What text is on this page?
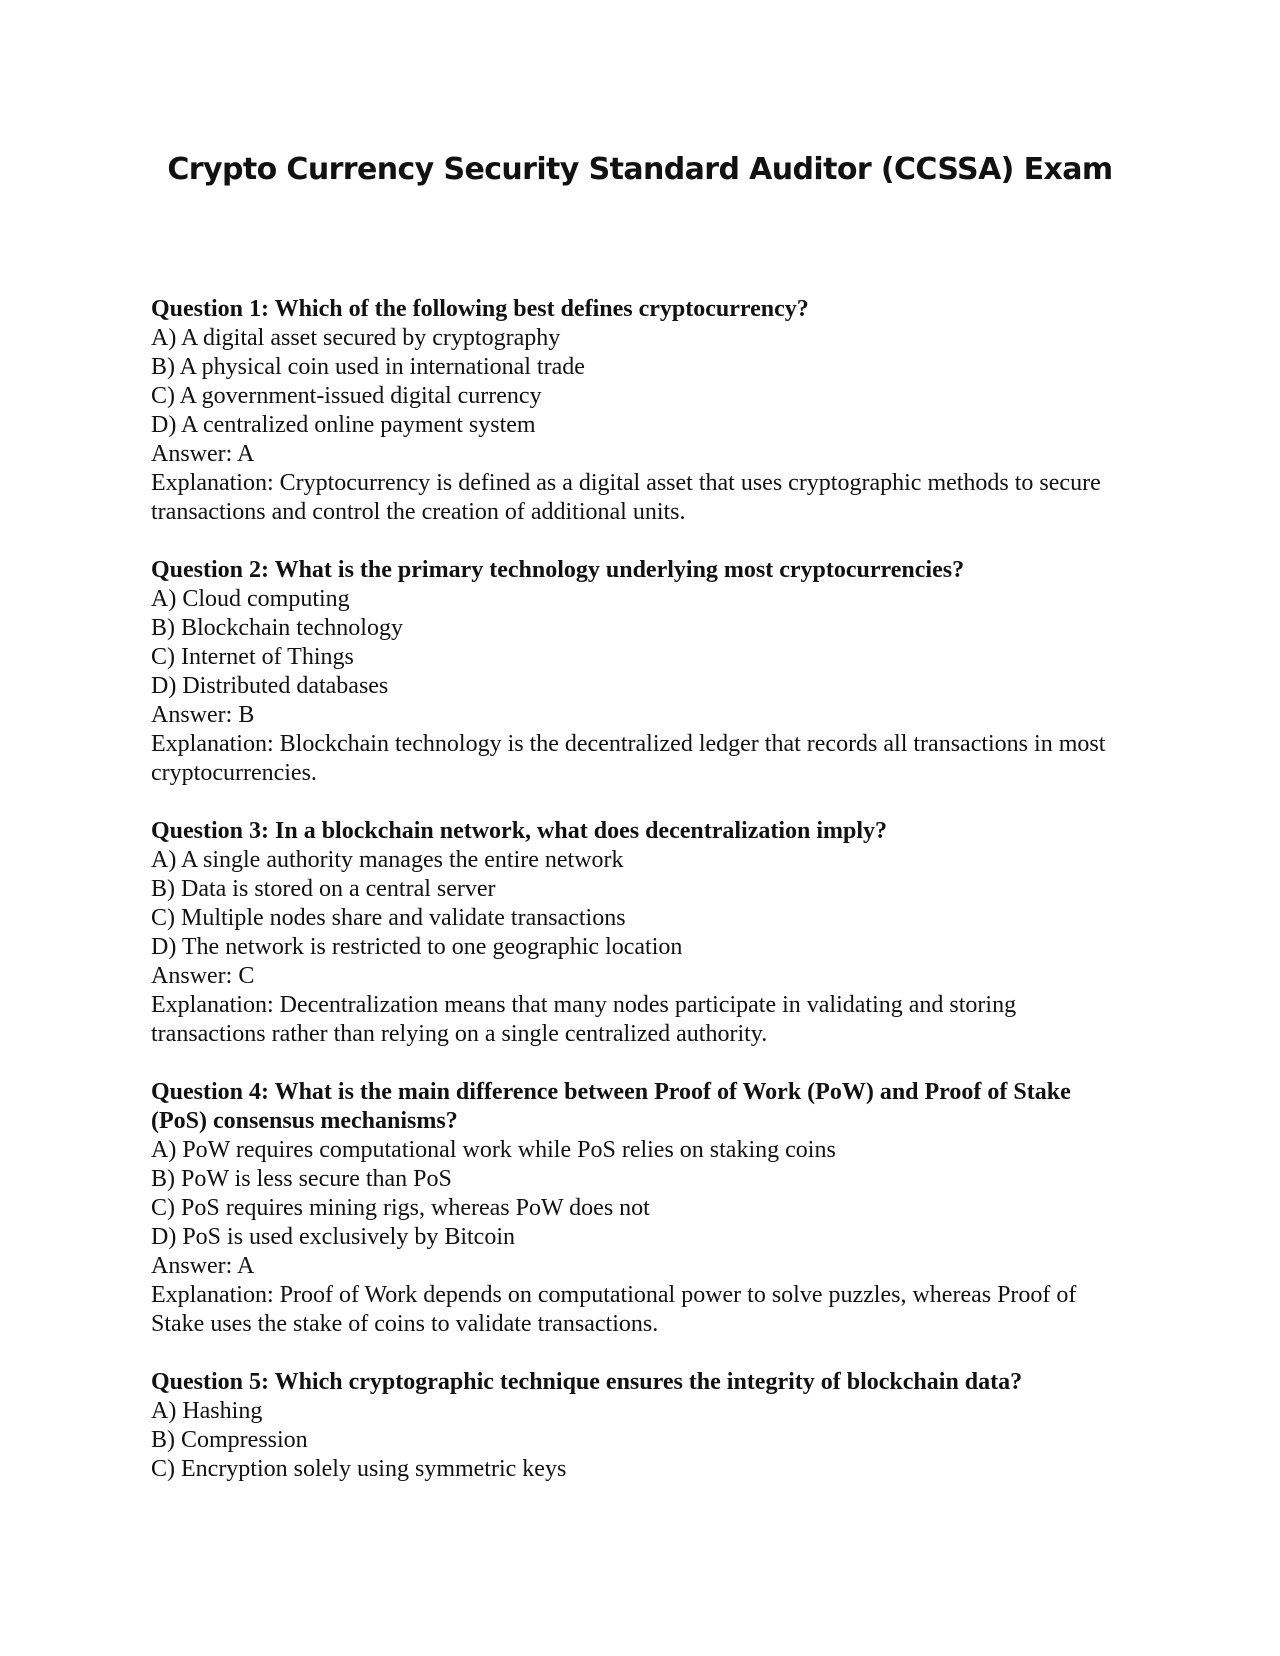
Crypto Currency Security Standard Auditor (CCSSA) Exam

Question 1: Which of the following best defines cryptocurrency?

A) A digital asset secured by cryptography

B) A physical coin used in international trade

C) A government-issued digital currency

D) A centralized online payment system

Answer: A

Explanation: Cryptocurrency is defined as a digital asset that uses cryptographic methods to secure transactions and control the creation of additional units.

Question 2: What is the primary technology underlying most cryptocurrencies?

A) Cloud computing

B) Blockchain technology

C) Internet of Things

D) Distributed databases

Answer: B

Explanation: Blockchain technology is the decentralized ledger that records all transactions in most cryptocurrencies.

Question 3: In a blockchain network, what does decentralization imply?

A) A single authority manages the entire network

B) Data is stored on a central server

C) Multiple nodes share and validate transactions

D) The network is restricted to one geographic location

Answer: C

Explanation: Decentralization means that many nodes participate in validating and storing transactions rather than relying on a single centralized authority.

Question 4: What is the main difference between Proof of Work (PoW) and Proof of Stake (PoS) consensus mechanisms?

A) PoW requires computational work while PoS relies on staking coins

B) PoW is less secure than PoS

C) PoS requires mining rigs, whereas PoW does not

D) PoS is used exclusively by Bitcoin

Answer: A

Explanation: Proof of Work depends on computational power to solve puzzles, whereas Proof of Stake uses the stake of coins to validate transactions.

Question 5: Which cryptographic technique ensures the integrity of blockchain data?

A) Hashing

B) Compression

C) Encryption solely using symmetric keys
